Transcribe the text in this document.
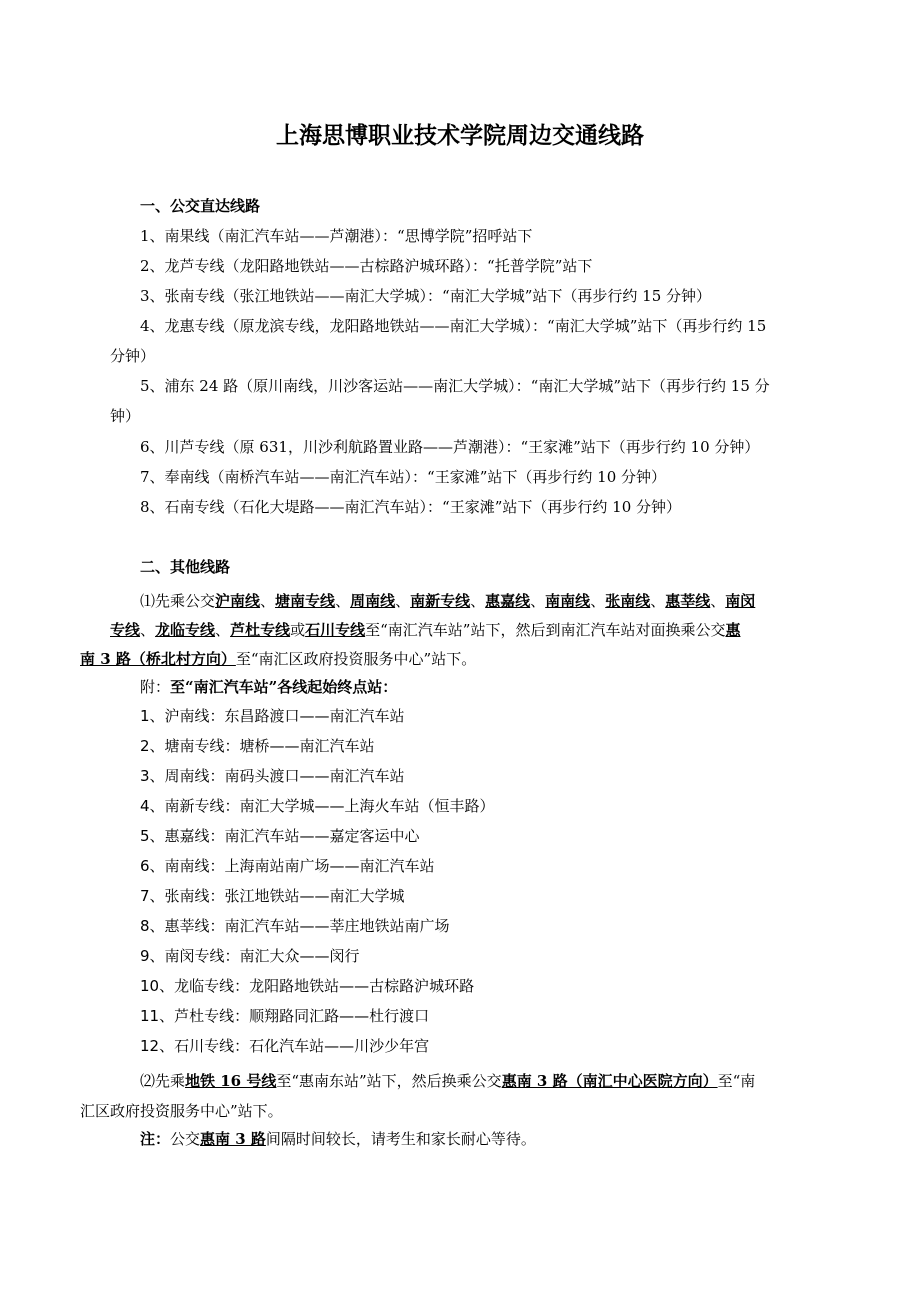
上海思博职业技术学院周边交通线路
一、公交直达线路
1、南果线（南汇汽车站——芦潮港）：“思博学院”招呼站下
2、龙芦专线（龙阳路地铁站——古棕路沪城环路）：“托普学院”站下
3、张南专线（张江地铁站——南汇大学城）：“南汇大学城”站下（再步行约 15 分钟）
4、龙惠专线（原龙滨专线，龙阳路地铁站——南汇大学城）：“南汇大学城”站下（再步行约 15
分钟）
5、浦东 24 路（原川南线，川沙客运站——南汇大学城）：“南汇大学城”站下（再步行约 15 分
钟）
6、川芦专线（原 631，川沙利航路置业路——芦潮港）：“王家滩”站下（再步行约 10 分钟）
7、奉南线（南桥汽车站——南汇汽车站）：“王家滩”站下（再步行约 10 分钟）
8、石南专线（石化大堤路——南汇汽车站）：“王家滩”站下（再步行约 10 分钟）
二、其他线路
⑴先乘公交沪南线、塘南专线、周南线、南新专线、惠嘉线、南南线、张南线、惠莘线、南闵
专线、龙临专线、芦杜专线或石川专线至“南汇汽车站”站下，然后到南汇汽车站对面换乘公交惠
南 3 路（桥北村方向）至“南汇区政府投资服务中心”站下。
附：至“南汇汽车站”各线起始终点站：
1、沪南线：东昌路渡口——南汇汽车站
2、塘南专线：塘桥——南汇汽车站
3、周南线：南码头渡口——南汇汽车站
4、南新专线：南汇大学城——上海火车站（恒丰路）
5、惠嘉线：南汇汽车站——嘉定客运中心
6、南南线：上海南站南广场——南汇汽车站
7、张南线：张江地铁站——南汇大学城
8、惠莘线：南汇汽车站——莘庄地铁站南广场
9、南闵专线：南汇大众——闵行
10、龙临专线：龙阳路地铁站——古棕路沪城环路
11、芦杜专线：顺翔路同汇路——杜行渡口
12、石川专线：石化汽车站——川沙少年宫
⑵先乘地铁 16 号线至“惠南东站”站下，然后换乘公交惠南 3 路（南汇中心医院方向）至“南
汇区政府投资服务中心”站下。
注：公交惠南 3 路间隔时间较长，请考生和家长耐心等待。
